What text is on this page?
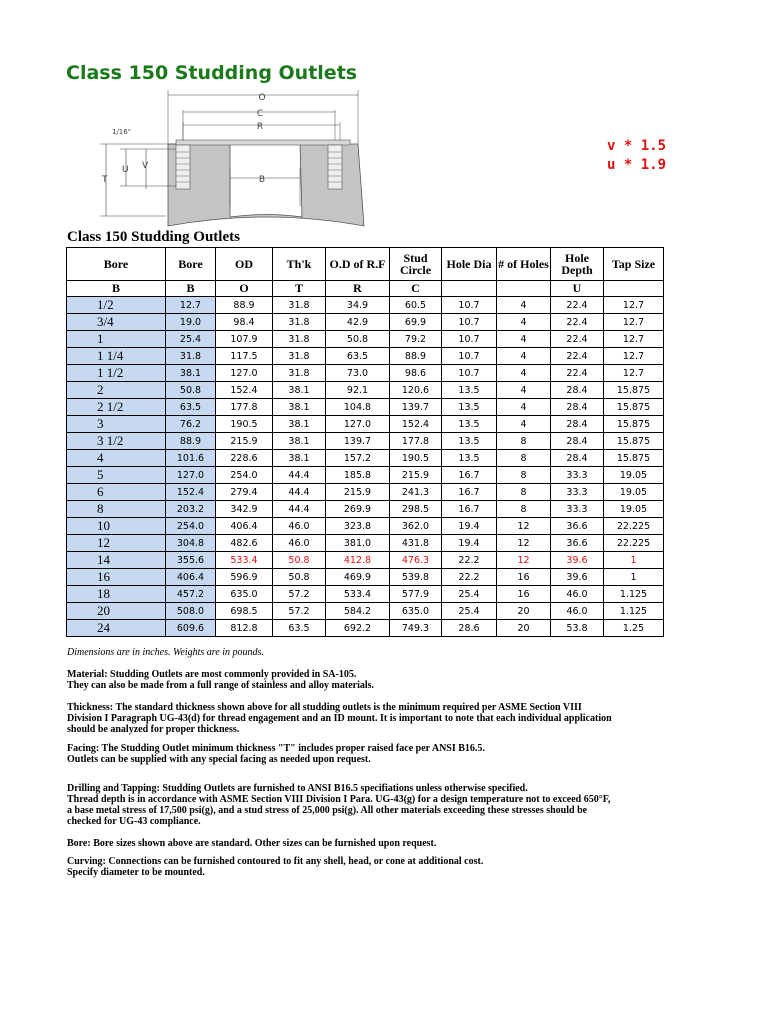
Class 150 Studding Outlets
O
C
R
B
T
U V
1/16"
v * 1.5
u * 1.9
Class 150 Studding Outlets
Bore	Bore	OD	Th'k	O.D of R.F	Stud Circle	Hole Dia	# of Holes	Hole Depth	Tap Size
B	B	O	T	R	C			U	
1/2	12.7	88.9	31.8	34.9	60.5	10.7	4	22.4	12.7
3/4	19.0	98.4	31.8	42.9	69.9	10.7	4	22.4	12.7
1	25.4	107.9	31.8	50.8	79.2	10.7	4	22.4	12.7
1 1/4	31.8	117.5	31.8	63.5	88.9	10.7	4	22.4	12.7
1 1/2	38.1	127.0	31.8	73.0	98.6	10.7	4	22.4	12.7
2	50.8	152.4	38.1	92.1	120.6	13.5	4	28.4	15.875
2 1/2	63.5	177.8	38.1	104.8	139.7	13.5	4	28.4	15.875
3	76.2	190.5	38.1	127.0	152.4	13.5	4	28.4	15.875
3 1/2	88.9	215.9	38.1	139.7	177.8	13.5	8	28.4	15.875
4	101.6	228.6	38.1	157.2	190.5	13.5	8	28.4	15.875
5	127.0	254.0	44.4	185.8	215.9	16.7	8	33.3	19.05
6	152.4	279.4	44.4	215.9	241.3	16.7	8	33.3	19.05
8	203.2	342.9	44.4	269.9	298.5	16.7	8	33.3	19.05
10	254.0	406.4	46.0	323.8	362.0	19.4	12	36.6	22.225
12	304.8	482.6	46.0	381.0	431.8	19.4	12	36.6	22.225
14	355.6	533.4	50.8	412.8	476.3	22.2	12	39.6	1
16	406.4	596.9	50.8	469.9	539.8	22.2	16	39.6	1
18	457.2	635.0	57.2	533.4	577.9	25.4	16	46.0	1.125
20	508.0	698.5	57.2	584.2	635.0	25.4	20	46.0	1.125
24	609.6	812.8	63.5	692.2	749.3	28.6	20	53.8	1.25

Dimensions are in inches. Weights are in pounds.

Material: Studding Outlets are most commonly provided in SA-105.
They can also be made from a full range of stainless and alloy materials.

Thickness: The standard thickness shown above for all studding outlets is the minimum required per ASME Section VIII Division I Paragraph UG-43(d) for thread engagement and an ID mount. It is important to note that each individual application should be analyzed for proper thickness.

Facing: The Studding Outlet minimum thickness "T" includes proper raised face per ANSI B16.5.
Outlets can be supplied with any special facing as needed upon request.

Drilling and Tapping: Studding Outlets are furnished to ANSI B16.5 specifiations unless otherwise specified.
Thread depth is in accordance with ASME Section VIII Division I Para. UG-43(g) for a design temperature not to exceed 650°F, a base metal stress of 17,500 psi(g), and a stud stress of 25,000 psi(g). All other materials exceeding these stresses should be checked for UG-43 compliance.

Bore: Bore sizes shown above are standard. Other sizes can be furnished upon request.

Curving: Connections can be furnished contoured to fit any shell, head, or cone at additional cost.
Specify diameter to be mounted.
